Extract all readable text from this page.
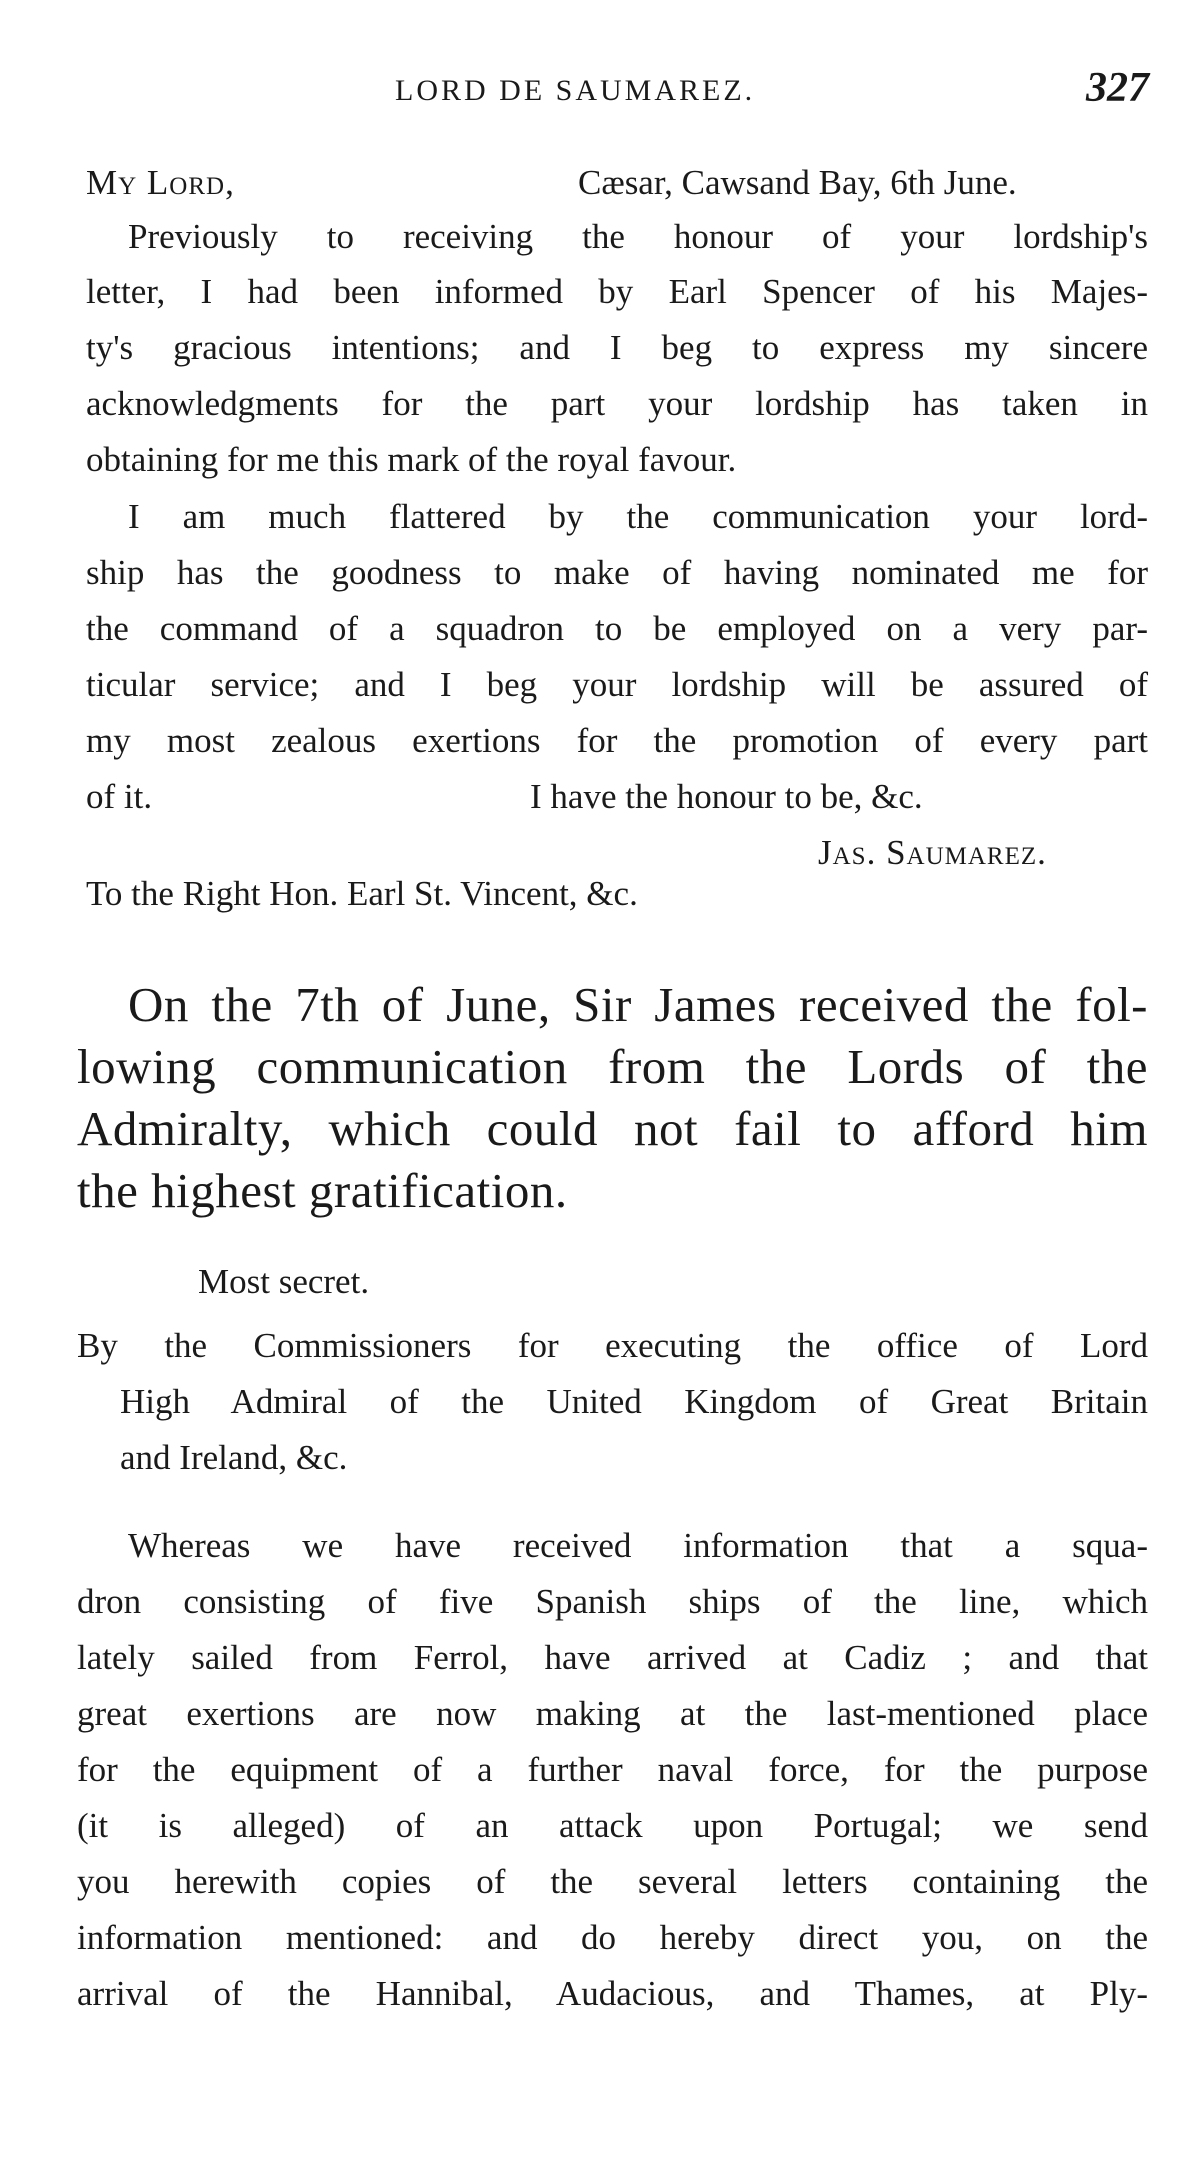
LORD DE SAUMAREZ.	327
My Lord,	Cæsar, Cawsand Bay, 6th June.
Previously to receiving the honour of your lordship's
letter, I had been informed by Earl Spencer of his Majes-
ty's gracious intentions; and I beg to express my sincere
acknowledgments for the part your lordship has taken in
obtaining for me this mark of the royal favour.
I am much flattered by the communication your lord-
ship has the goodness to make of having nominated me for
the command of a squadron to be employed on a very par-
ticular service; and I beg your lordship will be assured of
my most zealous exertions for the promotion of every part
of it.	I have the honour to be, &c.
Jas. Saumarez.
To the Right Hon. Earl St. Vincent, &c.
On the 7th of June, Sir James received the fol-
lowing communication from the Lords of the
Admiralty, which could not fail to afford him
the highest gratification.
Most secret.
By the Commissioners for executing the office of Lord
High Admiral of the United Kingdom of Great Britain
and Ireland, &c.
Whereas we have received information that a squa-
dron consisting of five Spanish ships of the line, which
lately sailed from Ferrol, have arrived at Cadiz ; and that
great exertions are now making at the last-mentioned place
for the equipment of a further naval force, for the purpose
(it is alleged) of an attack upon Portugal; we send
you herewith copies of the several letters containing the
information mentioned: and do hereby direct you, on the
arrival of the Hannibal, Audacious, and Thames, at Ply-
